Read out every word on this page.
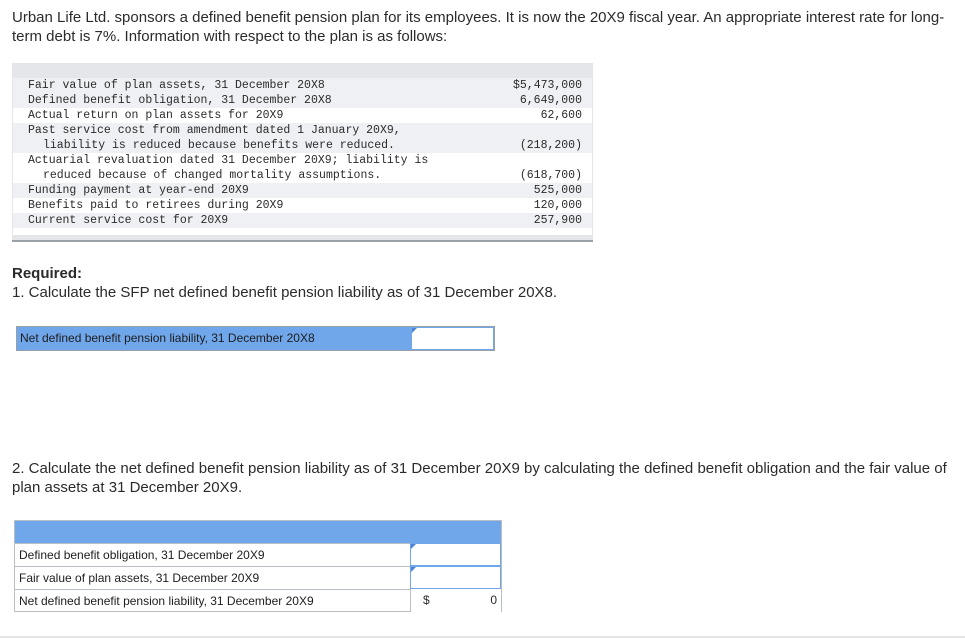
Urban Life Ltd. sponsors a defined benefit pension plan for its employees. It is now the 20X9 fiscal year. An appropriate interest rate for long-term debt is 7%. Information with respect to the plan is as follows:
Fair value of plan assets, 31 December 20X8	$5,473,000
Defined benefit obligation, 31 December 20X8	6,649,000
Actual return on plan assets for 20X9	62,600
Past service cost from amendment dated 1 January 20X9,
liability is reduced because benefits were reduced.	(218,200)
Actuarial revaluation dated 31 December 20X9; liability is
reduced because of changed mortality assumptions.	(618,700)
Funding payment at year-end 20X9	525,000
Benefits paid to retirees during 20X9	120,000
Current service cost for 20X9	257,900
Required:
1. Calculate the SFP net defined benefit pension liability as of 31 December 20X8.
Net defined benefit pension liability, 31 December 20X8
2. Calculate the net defined benefit pension liability as of 31 December 20X9 by calculating the defined benefit obligation and the fair value of plan assets at 31 December 20X9.
Defined benefit obligation, 31 December 20X9
Fair value of plan assets, 31 December 20X9
Net defined benefit pension liability, 31 December 20X9	$	0
